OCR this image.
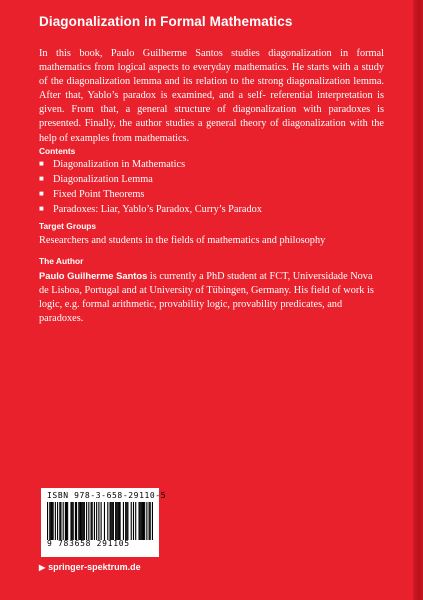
Diagonalization in Formal Mathematics
In this book, Paulo Guilherme Santos studies diagonalization in formal mathematics from logical aspects to everyday mathematics. He starts with a study of the diagonalization lemma and its relation to the strong diagonalization lemma. After that, Yablo’s paradox is examined, and a self- referential interpretation is given. From that, a general structure of diagonalization with paradoxes is presented. Finally, the author studies a general theory of diagonalization with the help of examples from mathematics.
Contents
■ Diagonalization in Mathematics
■ Diagonalization Lemma
■ Fixed Point Theorems
■ Paradoxes: Liar, Yablo’s Paradox, Curry’s Paradox
Target Groups
Researchers and students in the fields of mathematics and philosophy
The Author
Paulo Guilherme Santos is currently a PhD student at FCT, Universidade Nova de Lisboa, Portugal and at University of Tübingen, Germany. His field of work is logic, e.g. formal arithmetic, provability logic, provability predicates, and paradoxes.
ISBN 978-3-658-29110-5
9 783658 291105
▶ springer-spektrum.de
